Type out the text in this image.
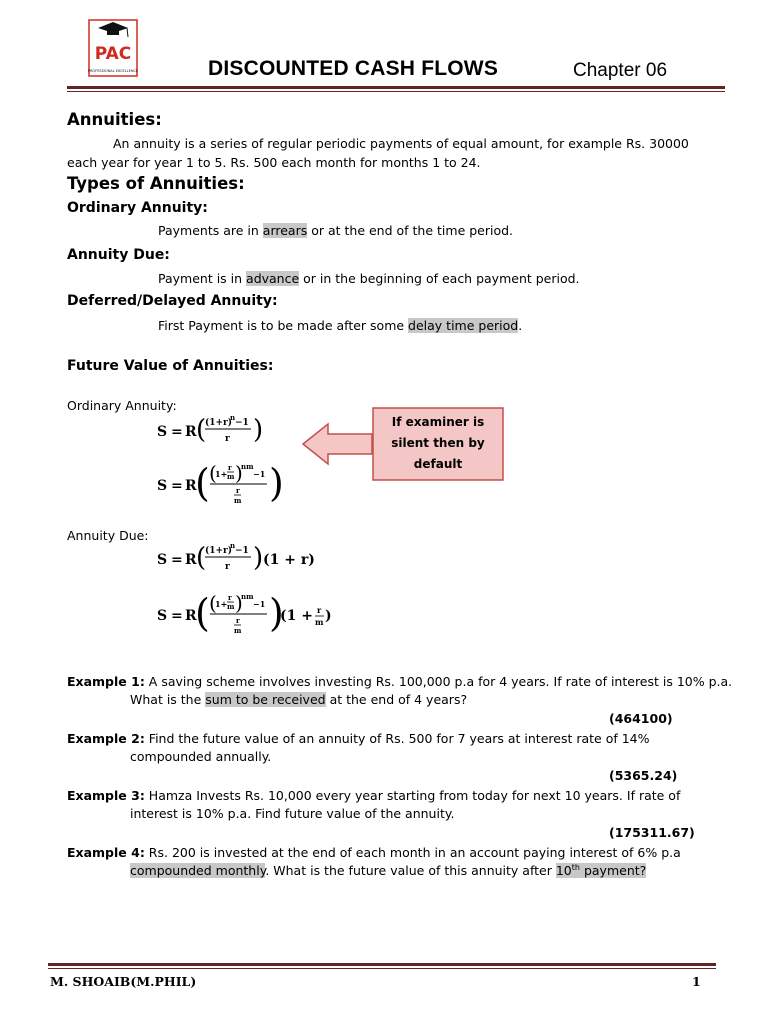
PAC
PROFESSIONAL EXCELLENCE	DISCOUNTED CASH FLOWS	Chapter 06
Annuities:
An annuity is a series of regular periodic payments of equal amount, for example Rs. 30000
each year for year 1 to 5. Rs. 500 each month for months 1 to 24.
Types of Annuities:
Ordinary Annuity:
Payments are in arrears or at the end of the time period.
Annuity Due:
Payment is in advance or in the beginning of each payment period.
Deferred/Delayed Annuity:
First Payment is to be made after some delay time period.
Future Value of Annuities:
Ordinary Annuity:
S = R (
(1+r)
n
−1
r )
S = R
( (
1+
r
m )
nm
−1
r
m )
If examiner is silent then by default
Annuity Due:
S = R (
(1+r)
n
−1
r ) (1 + r)
S = R
( (
1+
r
m )
nm
−1
r
m )
(1 + r
m )
Example 1: A saving scheme involves investing Rs. 100,000 p.a for 4 years. If rate of interest is 10% p.a.
What is the sum to be received at the end of 4 years?
(464100)
Example 2: Find the future value of an annuity of Rs. 500 for 7 years at interest rate of 14%
compounded annually.
(5365.24)
Example 3: Hamza Invests Rs. 10,000 every year starting from today for next 10 years. If rate of
interest is 10% p.a. Find future value of the annuity.
(175311.67)
Example 4: Rs. 200 is invested at the end of each month in an account paying interest of 6% p.a
compounded monthly. What is the future value of this annuity after 10th payment?
M. SHOAIB(M.PHIL)	1
